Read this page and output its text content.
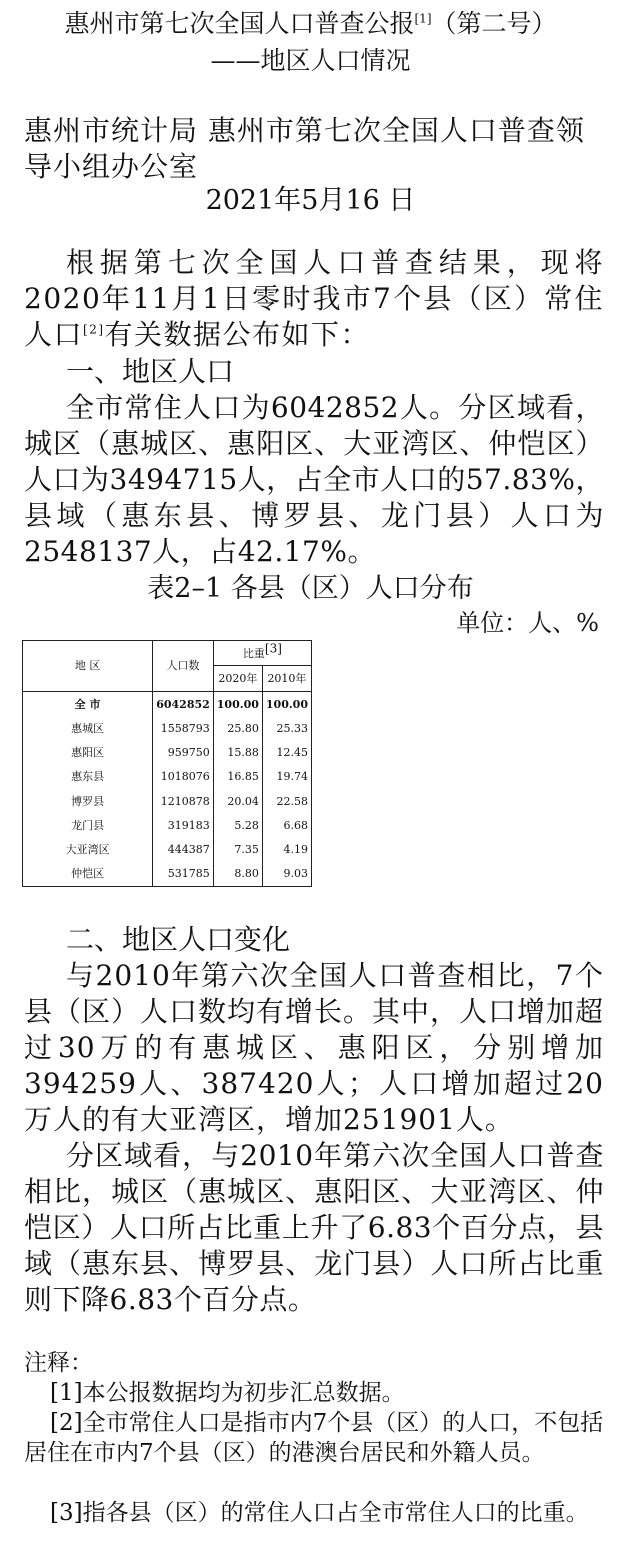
惠州市第七次全国人口普查公报[1]（第二号）
——地区人口情况
惠州市统计局 惠州市第七次全国人口普查领导小组办公室
2021年5月16 日
根据第七次全国人口普查结果，现将2020年11月1日零时我市7个县（区）常住人口[2]有关数据公布如下：
一、地区人口
全市常住人口为6042852人。分区域看，城区（惠城区、惠阳区、大亚湾区、仲恺区）人口为3494715人，占全市人口的57.83%，县域（惠东县、博罗县、龙门县）人口为2548137人，占42.17%。
表2–1 各县（区）人口分布
单位：人、%
地 区	人口数	比重[3]
		2020年	2010年
全 市	6042852	100.00	100.00
惠城区	1558793	25.80	25.33
惠阳区	959750	15.88	12.45
惠东县	1018076	16.85	19.74
博罗县	1210878	20.04	22.58
龙门县	319183	5.28	6.68
大亚湾区	444387	7.35	4.19
仲恺区	531785	8.80	9.03
二、地区人口变化
与2010年第六次全国人口普查相比，7个县（区）人口数均有增长。其中，人口增加超过30万的有惠城区、惠阳区，分别增加394259人、387420人；人口增加超过20万人的有大亚湾区，增加251901人。
分区域看，与2010年第六次全国人口普查相比，城区（惠城区、惠阳区、大亚湾区、仲恺区）人口所占比重上升了6.83个百分点，县域（惠东县、博罗县、龙门县）人口所占比重则下降6.83个百分点。
注释：
[1]本公报数据均为初步汇总数据。
[2]全市常住人口是指市内7个县（区）的人口，不包括居住在市内7个县（区）的港澳台居民和外籍人员。
[3]指各县（区）的常住人口占全市常住人口的比重。
